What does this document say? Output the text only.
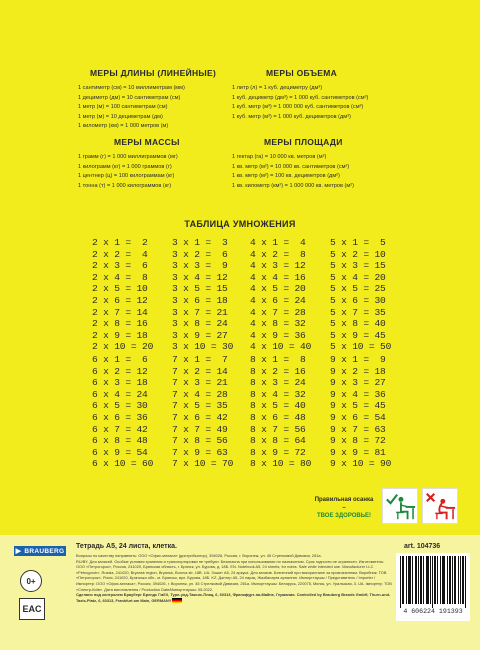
МЕРЫ ДЛИНЫ (ЛИНЕЙНЫЕ)
1 сантиметр (см) = 10 миллиметрам (мм)
1 дециметр (дм) = 10 сантиметрам (см)
1 метр (м) = 100 сантиметрам (см)
1 метр (м) = 10 дециметрам (дм)
1 километр (км) = 1 000 метров (м)
МЕРЫ ОБЪЕМА
1 литр (л) = 1 куб. дециметру (дм³)
1 куб. дециметр (дм³) = 1 000 куб. сантиметров (см³)
1 куб. метр (м³) = 1 000 000 куб. сантиметров (см³)
1 куб. метр (м³) = 1 000 куб. дециметров (дм³)
МЕРЫ МАССЫ
1 грамм (г) = 1 000 миллиграммов (мг)
1 килограмм (кг) = 1 000 граммов (г)
1 центнер (ц) = 100 килограммам (кг)
1 тонна (т) = 1 000 килограммов (кг)
МЕРЫ ПЛОЩАДИ
1 гектар (га) = 10 000 кв. метров (м²)
1 кв. метр (м²) = 10 000 кв. сантиметров (см²)
1 кв. метр (м²) = 100 кв. дециметров (дм²)
1 кв. километр (км²) = 1 000 000 кв. метров (м²)
ТАБЛИЦА УМНОЖЕНИЯ
2 x 1 =  2
2 x 2 =  4
2 x 3 =  6
2 x 4 =  8
2 x 5 = 10
2 x 6 = 12
2 x 7 = 14
2 x 8 = 16
2 x 9 = 18
2 x 10 = 20
3 x 1 =  3
3 x 2 =  6
3 x 3 =  9
3 x 4 = 12
3 x 5 = 15
3 x 6 = 18
3 x 7 = 21
3 x 8 = 24
3 x 9 = 27
3 x 10 = 30
4 x 1 =  4
4 x 2 =  8
4 x 3 = 12
4 x 4 = 16
4 x 5 = 20
4 x 6 = 24
4 x 7 = 28
4 x 8 = 32
4 x 9 = 36
4 x 10 = 40
5 x 1 =  5
5 x 2 = 10
5 x 3 = 15
5 x 4 = 20
5 x 5 = 25
5 x 6 = 30
5 x 7 = 35
5 x 8 = 40
5 x 9 = 45
5 x 10 = 50
6 x 1 =  6
6 x 2 = 12
6 x 3 = 18
6 x 4 = 24
6 x 5 = 30
6 x 6 = 36
6 x 7 = 42
6 x 8 = 48
6 x 9 = 54
6 x 10 = 60
7 x 1 =  7
7 x 2 = 14
7 x 3 = 21
7 x 4 = 28
7 x 5 = 35
7 x 6 = 42
7 x 7 = 49
7 x 8 = 56
7 x 9 = 63
7 x 10 = 70
8 x 1 =  8
8 x 2 = 16
8 x 3 = 24
8 x 4 = 32
8 x 5 = 40
8 x 6 = 48
8 x 7 = 56
8 x 8 = 64
8 x 9 = 72
8 x 10 = 80
9 x 1 =  9
9 x 2 = 18
9 x 3 = 27
9 x 4 = 36
9 x 5 = 45
9 x 6 = 54
9 x 7 = 63
9 x 8 = 72
9 x 9 = 81
9 x 10 = 90
Правильная осанка –
ТВОЕ ЗДОРОВЬЕ!
▶ BRAUBERG
Тетрадь А5, 24 листа, клетка.	art. 104736
0+
EAC
Вопросы по качеству направлять: ООО «Офис-мпласа» (дистрибьютор), 394026, Россия, г. Воронеж, ул. 45 Стрелковой Дивизии, 261а.
RU/BY. Для записей. Особые условия хранения и транспортировки не требуют. Безопасна при использовании по назначению. Срок годности не ограничен. Изготовитель: ООО «Петрогорок», Россия, 241020, Брянская область, г. Брянск, ул. Бурова, д. 18Б. EN. Notebook A5, 24 sheets, for notes. Safe while intended use. Manufacturer LLC «Petrogorok», Russia, 241020, Bryansk region, Bryansk, Burova str, 18B. UA. Зошит А5, 24 аркуші. Для записів. Безпечний при використанні за призначенням. Виробник: ТОВ «Петрогорок», Росія, 241020, Брянська обл., м. Брянськ, вул. Бурова, 18Б. KZ. Дәптер А5, 24 парақ. Жазбаларға арналған. Импорттаушы / Представитель / Importer / Импортер: ООО «Офис-мпласа», Россия, 394026, г. Воронеж, ул. 45 Стрелковой Дивизии, 261а. Импорттаушы: Беларусь, 220075, Минск, ул. Уральская, 3. UA. Імпортер: ТОВ «Спектр-Київ». Дата виготовлення / Production Date/Импорттаушы: 05.2022.
Сделано под контролем Брауберг Брендс ГмбХ, Турн-унд-Таксис-Плац, 6, 60313, Франкфурт-на-Майне, Германия. Controlled by Brauberg Brands GmbH, Thurn-und-Taxis-Platz, 6, 60313, Frankfurt am Main, GERMANY
4 606224 191393
